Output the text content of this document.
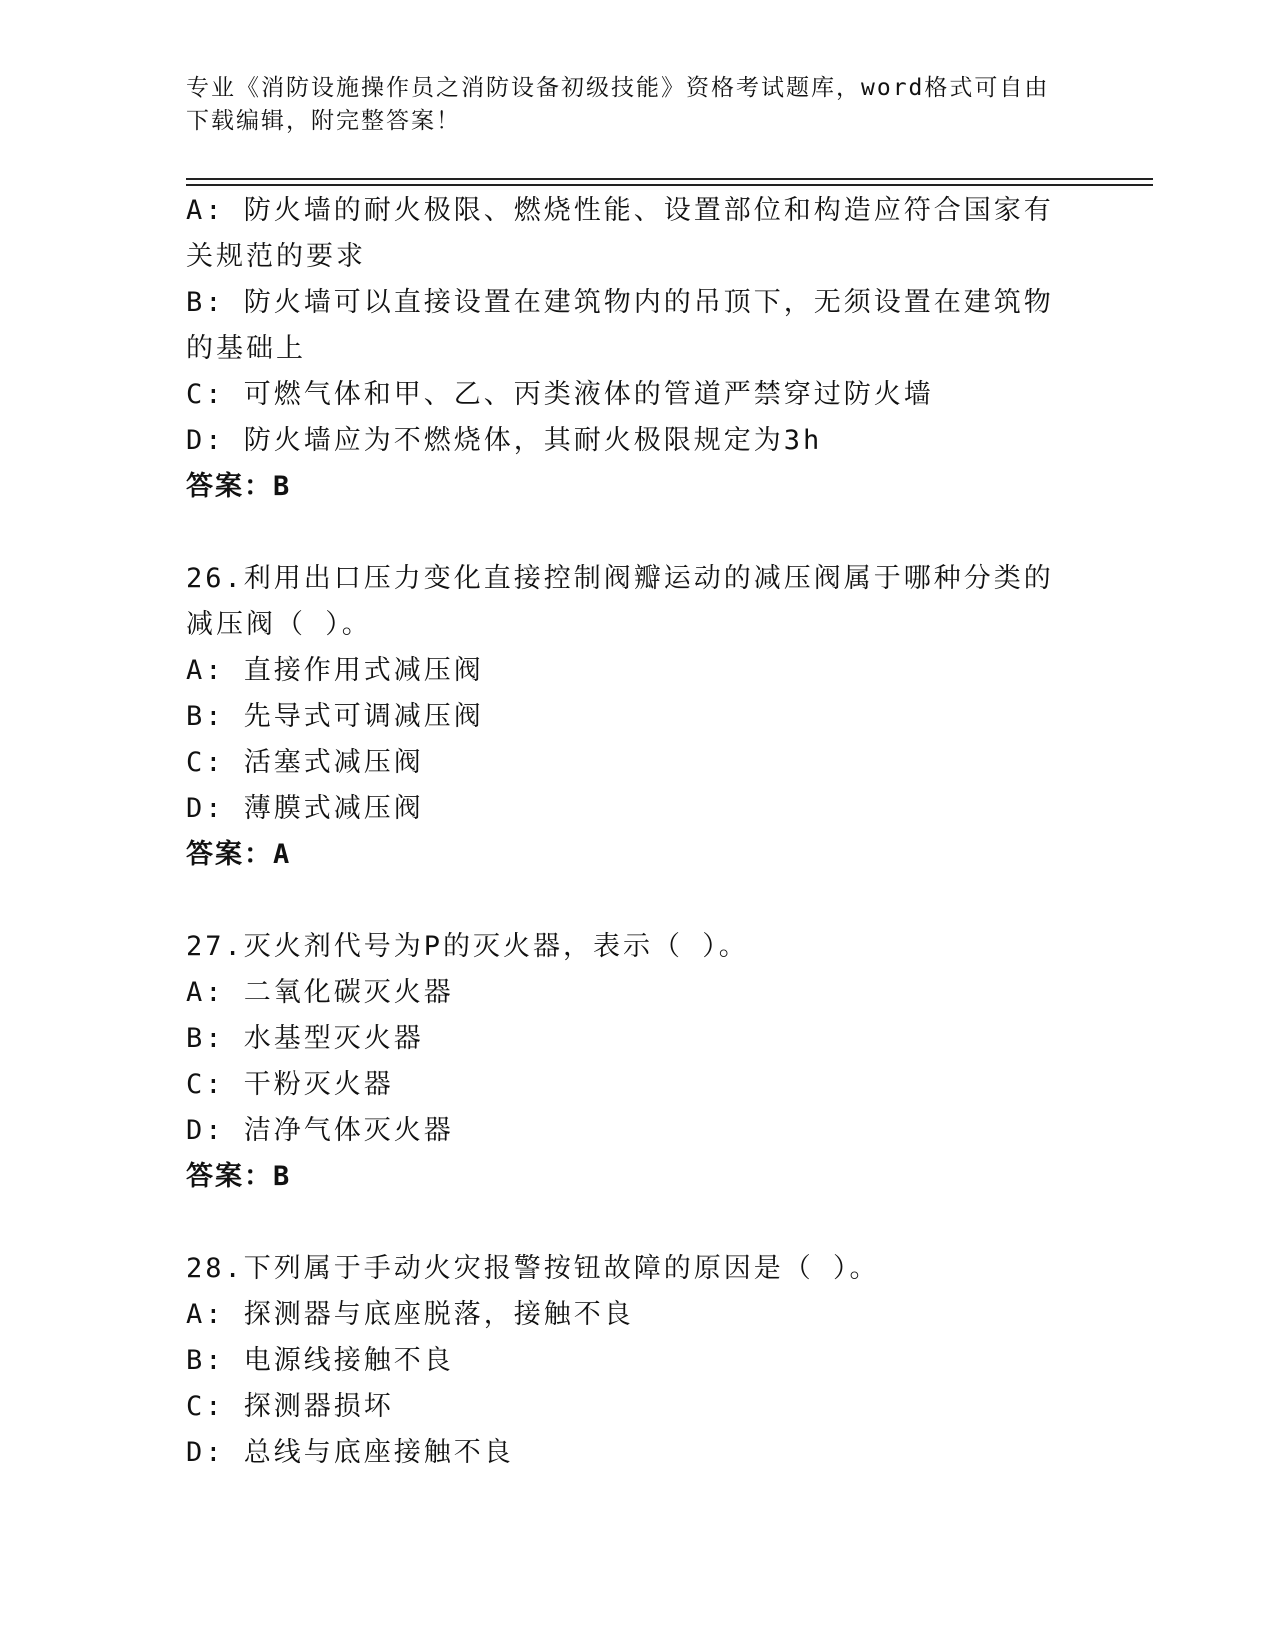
专业《消防设施操作员之消防设备初级技能》资格考试题库，word格式可自由下载编辑，附完整答案！

A: 防火墙的耐火极限、燃烧性能、设置部位和构造应符合国家有关规范的要求

B: 防火墙可以直接设置在建筑物内的吊顶下，无须设置在建筑物的基础上

C: 可燃气体和甲、乙、丙类液体的管道严禁穿过防火墙

D: 防火墙应为不燃烧体，其耐火极限规定为3h

答案：B

26.利用出口压力变化直接控制阀瓣运动的减压阀属于哪种分类的减压阀（ ）。

A: 直接作用式减压阀

B: 先导式可调减压阀

C: 活塞式减压阀

D: 薄膜式减压阀

答案：A

27.灭火剂代号为P的灭火器，表示（ ）。

A: 二氧化碳灭火器

B: 水基型灭火器

C: 干粉灭火器

D: 洁净气体灭火器

答案：B

28.下列属于手动火灾报警按钮故障的原因是（ ）。

A: 探测器与底座脱落，接触不良

B: 电源线接触不良

C: 探测器损坏

D: 总线与底座接触不良
